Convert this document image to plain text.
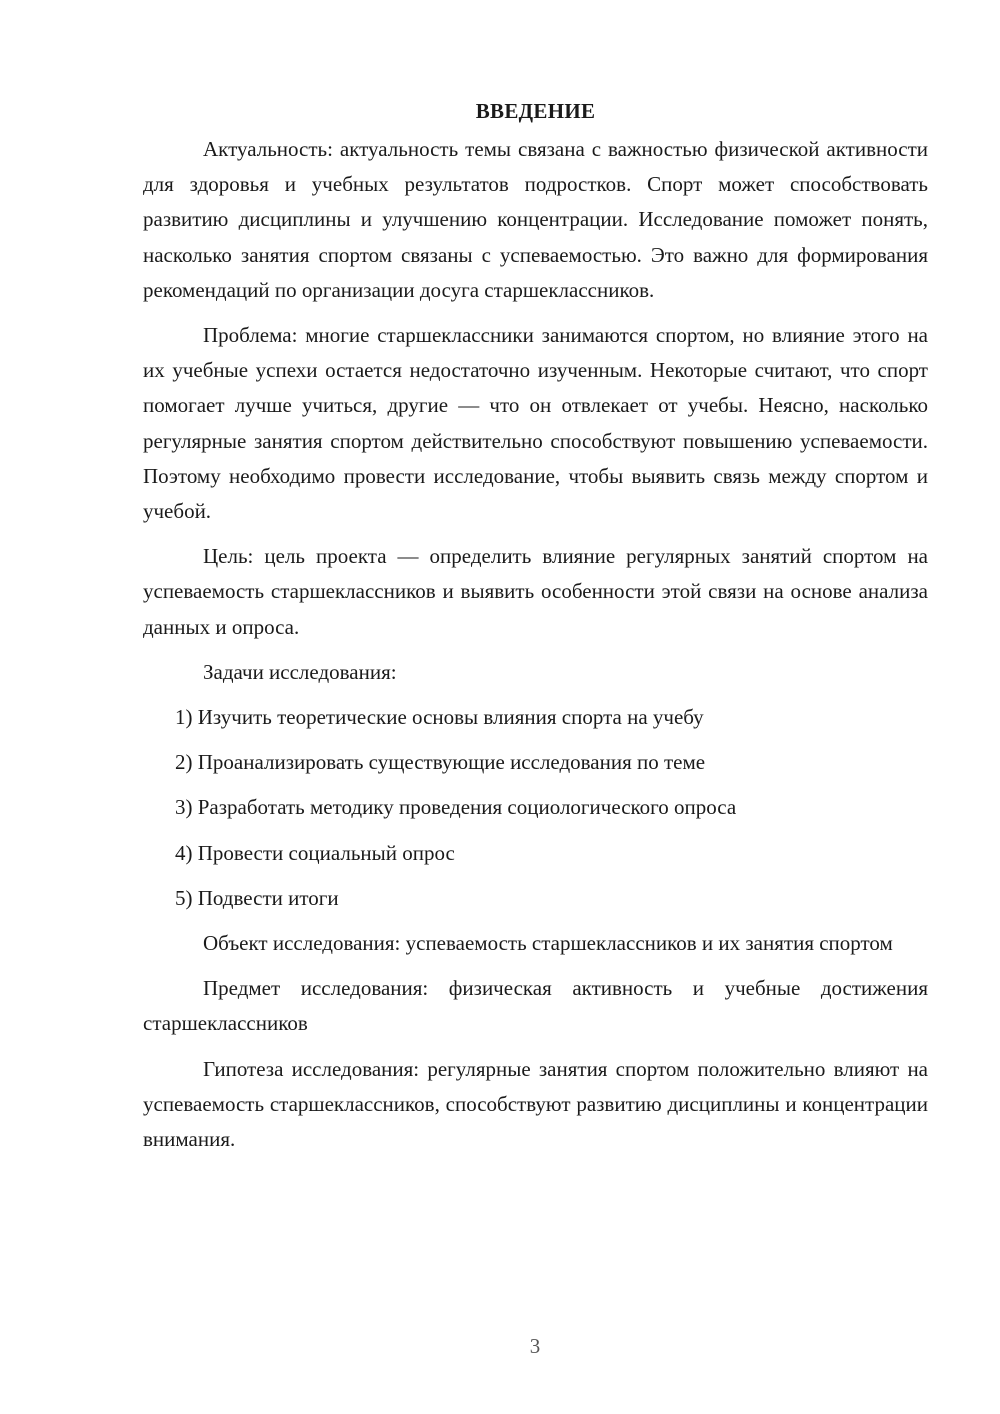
ВВЕДЕНИЕ

Актуальность: актуальность темы связана с важностью физической активности для здоровья и учебных результатов подростков. Спорт может способствовать развитию дисциплины и улучшению концентрации. Исследование поможет понять, насколько занятия спортом связаны с успеваемостью. Это важно для формирования рекомендаций по организации досуга старшеклассников.

Проблема: многие старшеклассники занимаются спортом, но влияние этого на их учебные успехи остается недостаточно изученным. Некоторые считают, что спорт помогает лучше учиться, другие — что он отвлекает от учебы. Неясно, насколько регулярные занятия спортом действительно способствуют повышению успеваемости. Поэтому необходимо провести исследование, чтобы выявить связь между спортом и учебой.

Цель: цель проекта — определить влияние регулярных занятий спортом на успеваемость старшеклассников и выявить особенности этой связи на основе анализа данных и опроса.

Задачи исследования:

1) Изучить теоретические основы влияния спорта на учебу
2) Проанализировать существующие исследования по теме
3) Разработать методику проведения социологического опроса
4) Провести социальный опрос
5) Подвести итоги

Объект исследования: успеваемость старшеклассников и их занятия спортом

Предмет исследования: физическая активность и учебные достижения старшеклассников

Гипотеза исследования: регулярные занятия спортом положительно влияют на успеваемость старшеклассников, способствуют развитию дисциплины и концентрации внимания.

3
